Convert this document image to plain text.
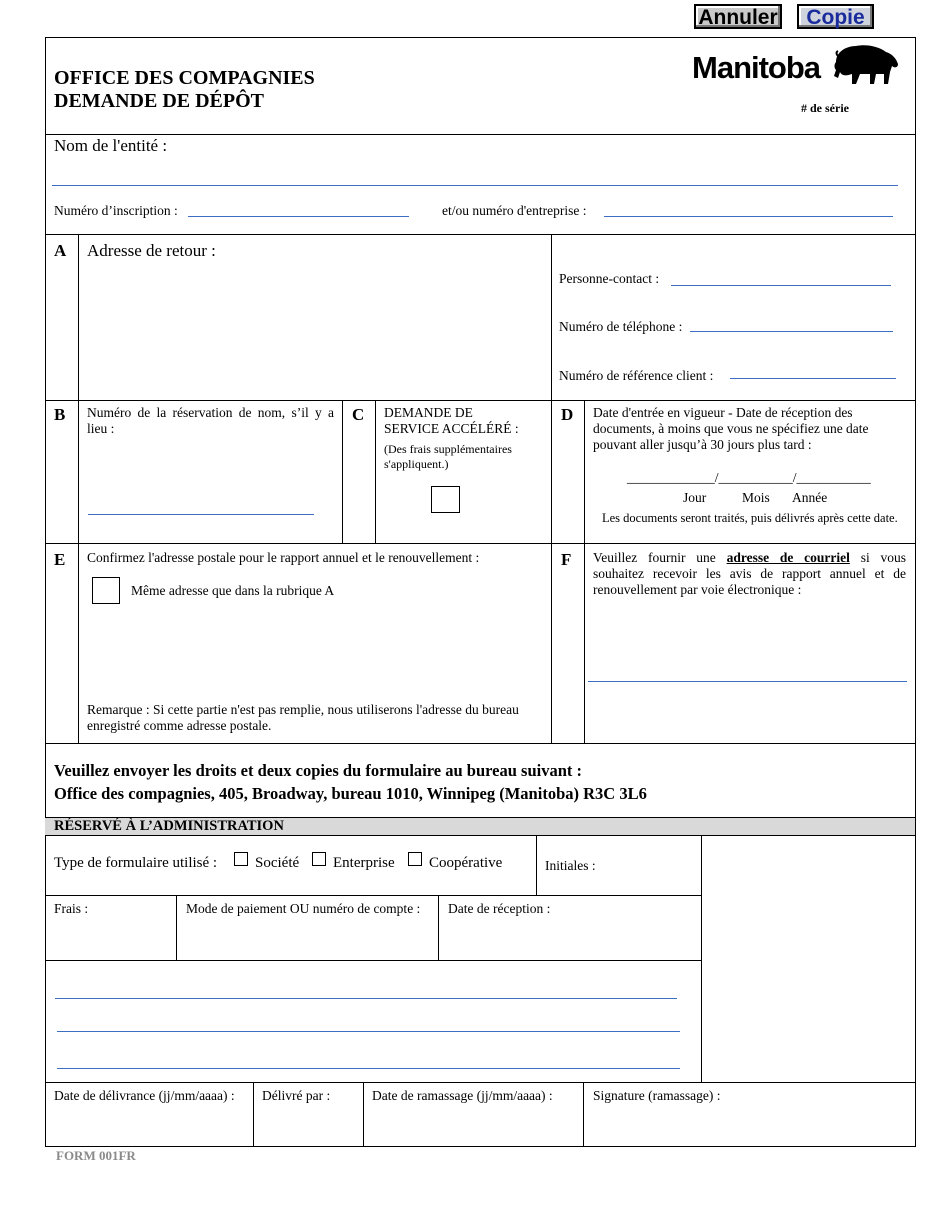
Annuler	Copie
OFFICE DES COMPAGNIES
DEMANDE DE DÉPÔT
Manitoba
# de série
Nom de l'entité :
Numéro d’inscription :	et/ou numéro d'entreprise :
A Adresse de retour :
Personne-contact :
Numéro de téléphone :
Numéro de référence client :
B Numéro de la réservation de nom, s’il y a lieu :
C DEMANDE DE
SERVICE ACCÉLÉRÉ :
(Des frais supplémentaires
s'appliquent.)
D Date d'entrée en vigueur - Date de réception des
documents, à moins que vous ne spécifiez une date
pouvant aller jusqu’à 30 jours plus tard :
_____________/___________/___________
Jour	Mois Année
Les documents seront traités, puis délivrés après cette date.
E Confirmez l'adresse postale pour le rapport annuel et le renouvellement :
Même adresse que dans la rubrique A
Remarque : Si cette partie n'est pas remplie, nous utiliserons l'adresse du bureau
enregistré comme adresse postale.
F Veuillez fournir une adresse de courriel si vous souhaitez recevoir les avis de rapport annuel et de renouvellement par voie électronique :
Veuillez envoyer les droits et deux copies du formulaire au bureau suivant :
Office des compagnies, 405, Broadway, bureau 1010, Winnipeg (Manitoba) R3C 3L6
RÉSERVÉ À L’ADMINISTRATION
Type de formulaire utilisé :	Société Enterprise Coopérative	Initiales :
Frais :	Mode de paiement OU numéro de compte : Date de réception :
Date de délivrance (jj/mm/aaaa) : Délivré par :	Date de ramassage (jj/mm/aaaa) :	Signature (ramassage) :
FORM 001FR
